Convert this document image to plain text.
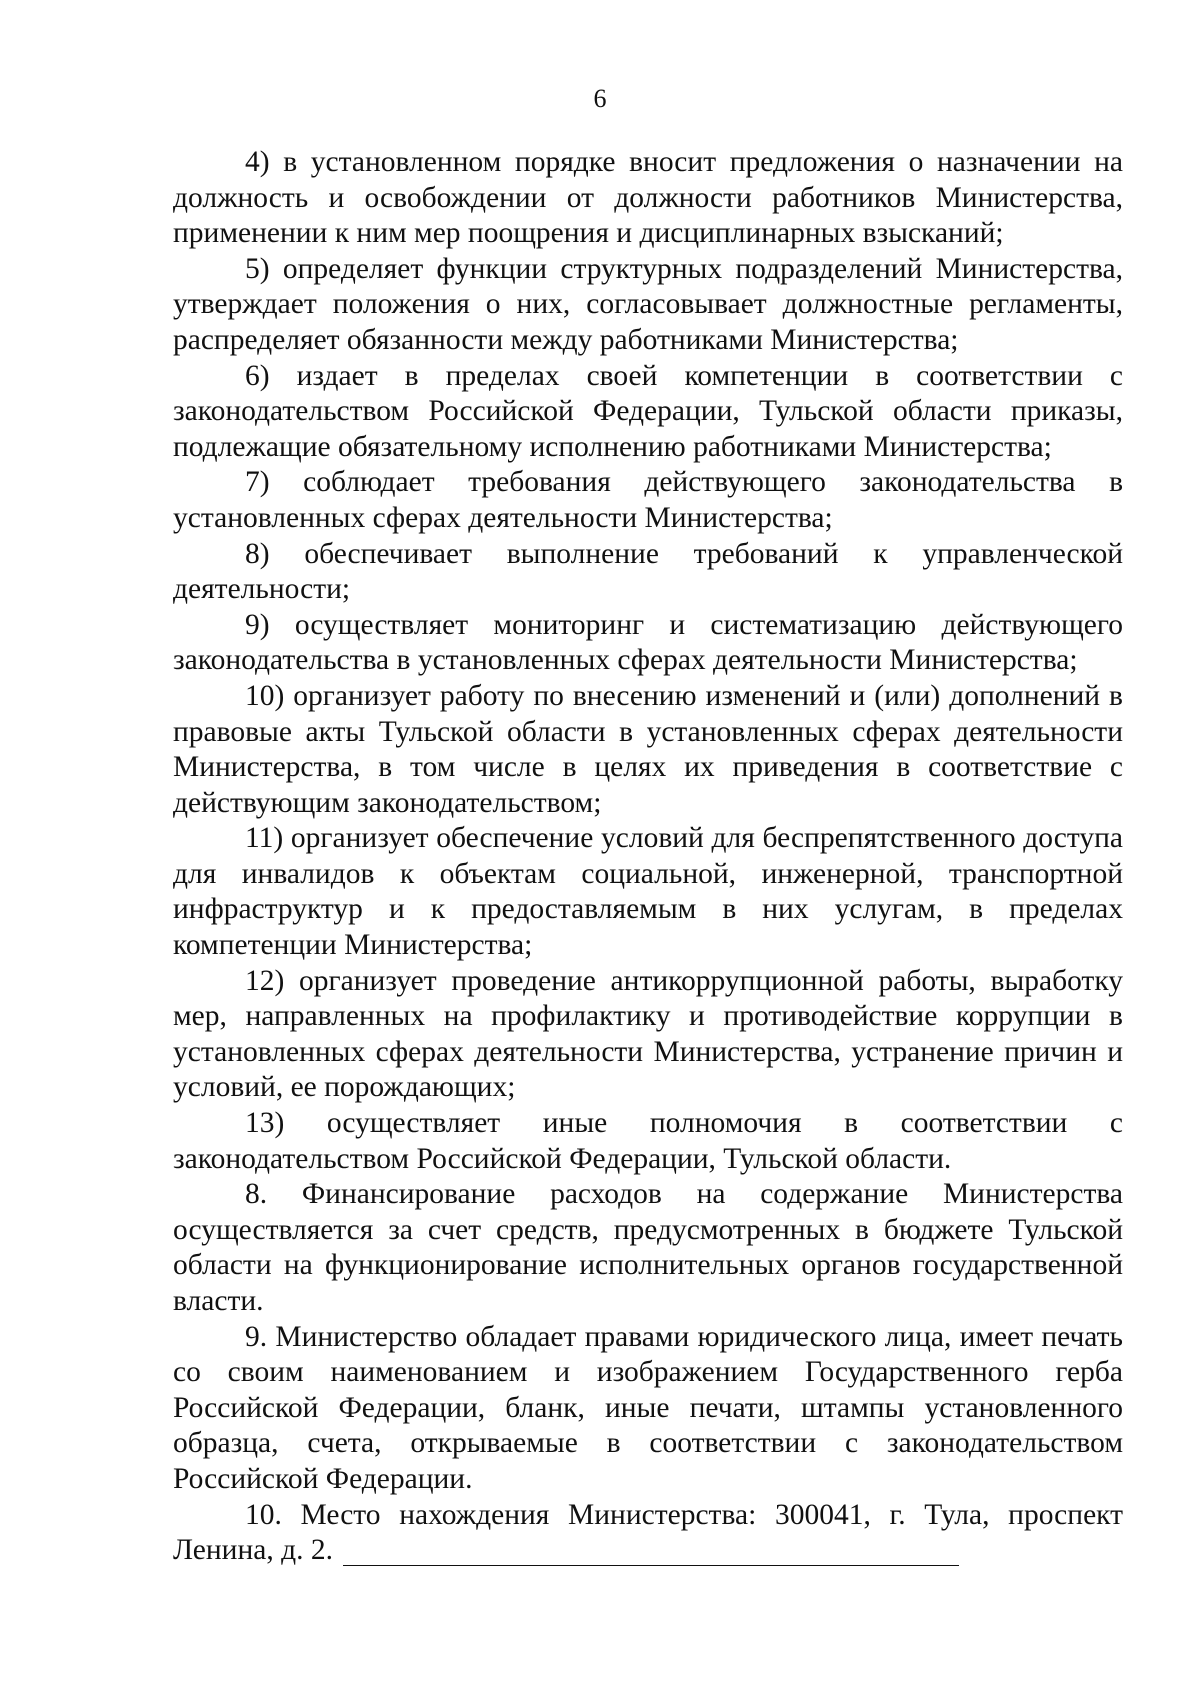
6

4) в установленном порядке вносит предложения о назначении на должность и освобождении от должности работников Министерства, применении к ним мер поощрения и дисциплинарных взысканий;

5) определяет функции структурных подразделений Министерства, утверждает положения о них, согласовывает должностные регламенты, распределяет обязанности между работниками Министерства;

6) издает в пределах своей компетенции в соответствии с законодательством Российской Федерации, Тульской области приказы, подлежащие обязательному исполнению работниками Министерства;

7) соблюдает требования действующего законодательства в установленных сферах деятельности Министерства;

8) обеспечивает выполнение требований к управленческой деятельности;

9) осуществляет мониторинг и систематизацию действующего законодательства в установленных сферах деятельности Министерства;

10) организует работу по внесению изменений и (или) дополнений в правовые акты Тульской области в установленных сферах деятельности Министерства, в том числе в целях их приведения в соответствие с действующим законодательством;

11) организует обеспечение условий для беспрепятственного доступа для инвалидов к объектам социальной, инженерной, транспортной инфраструктур и к предоставляемым в них услугам, в пределах компетенции Министерства;

12) организует проведение антикоррупционной работы, выработку мер, направленных на профилактику и противодействие коррупции в установленных сферах деятельности Министерства, устранение причин и условий, ее порождающих;

13) осуществляет иные полномочия в соответствии с законодательством Российской Федерации, Тульской области.

8. Финансирование расходов на содержание Министерства осуществляется за счет средств, предусмотренных в бюджете Тульской области на функционирование исполнительных органов государственной власти.

9. Министерство обладает правами юридического лица, имеет печать со своим наименованием и изображением Государственного герба Российской Федерации, бланк, иные печати, штампы установленного образца, счета, открываемые в соответствии с законодательством Российской Федерации.

10. Место нахождения Министерства: 300041, г. Тула, проспект Ленина, д. 2.
